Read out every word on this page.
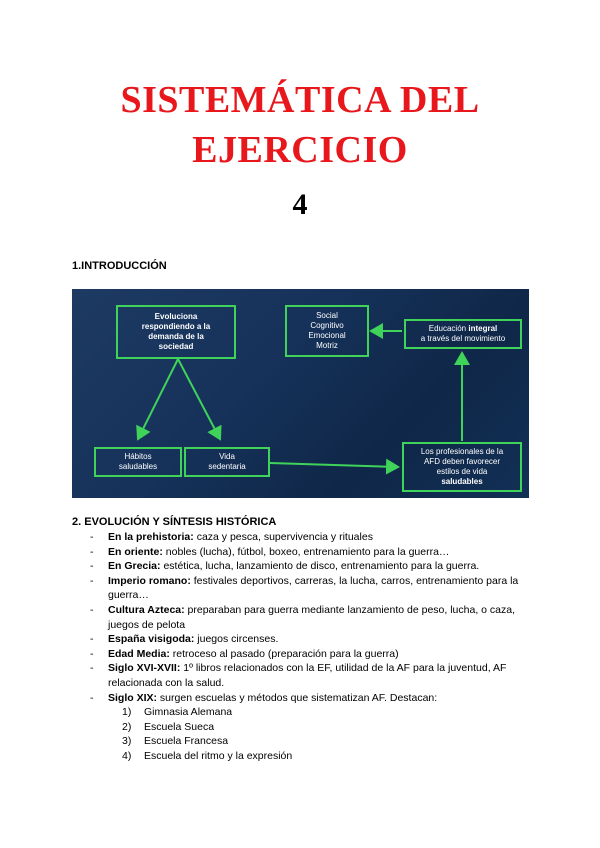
SISTEMÁTICA DEL
EJERCICIO
4
1.INTRODUCCIÓN
Evoluciona
respondiendo a la
demanda de la
sociedad
Social
Cognitivo
Emocional
Motriz
Educación integral
a través del movimiento
Hábitos
saludables
Vida
sedentaria
Los profesionales de la
AFD deben favorecer
estilos de vida
saludables
2. EVOLUCIÓN Y SÍNTESIS HISTÓRICA
- En la prehistoria: caza y pesca, supervivencia y rituales
- En oriente: nobles (lucha), fútbol, boxeo, entrenamiento para la guerra…
- En Grecia: estética, lucha, lanzamiento de disco, entrenamiento para la guerra.
- Imperio romano: festivales deportivos, carreras, la lucha, carros, entrenamiento para la guerra…
- Cultura Azteca: preparaban para guerra mediante lanzamiento de peso, lucha, o caza, juegos de pelota
- España visigoda: juegos circenses.
- Edad Media: retroceso al pasado (preparación para la guerra)
- Siglo XVI-XVII: 1º libros relacionados con la EF, utilidad de la AF para la juventud, AF relacionada con la salud.
- Siglo XIX: surgen escuelas y métodos que sistematizan AF. Destacan:
1) Gimnasia Alemana
2) Escuela Sueca
3) Escuela Francesa
4) Escuela del ritmo y la expresión
